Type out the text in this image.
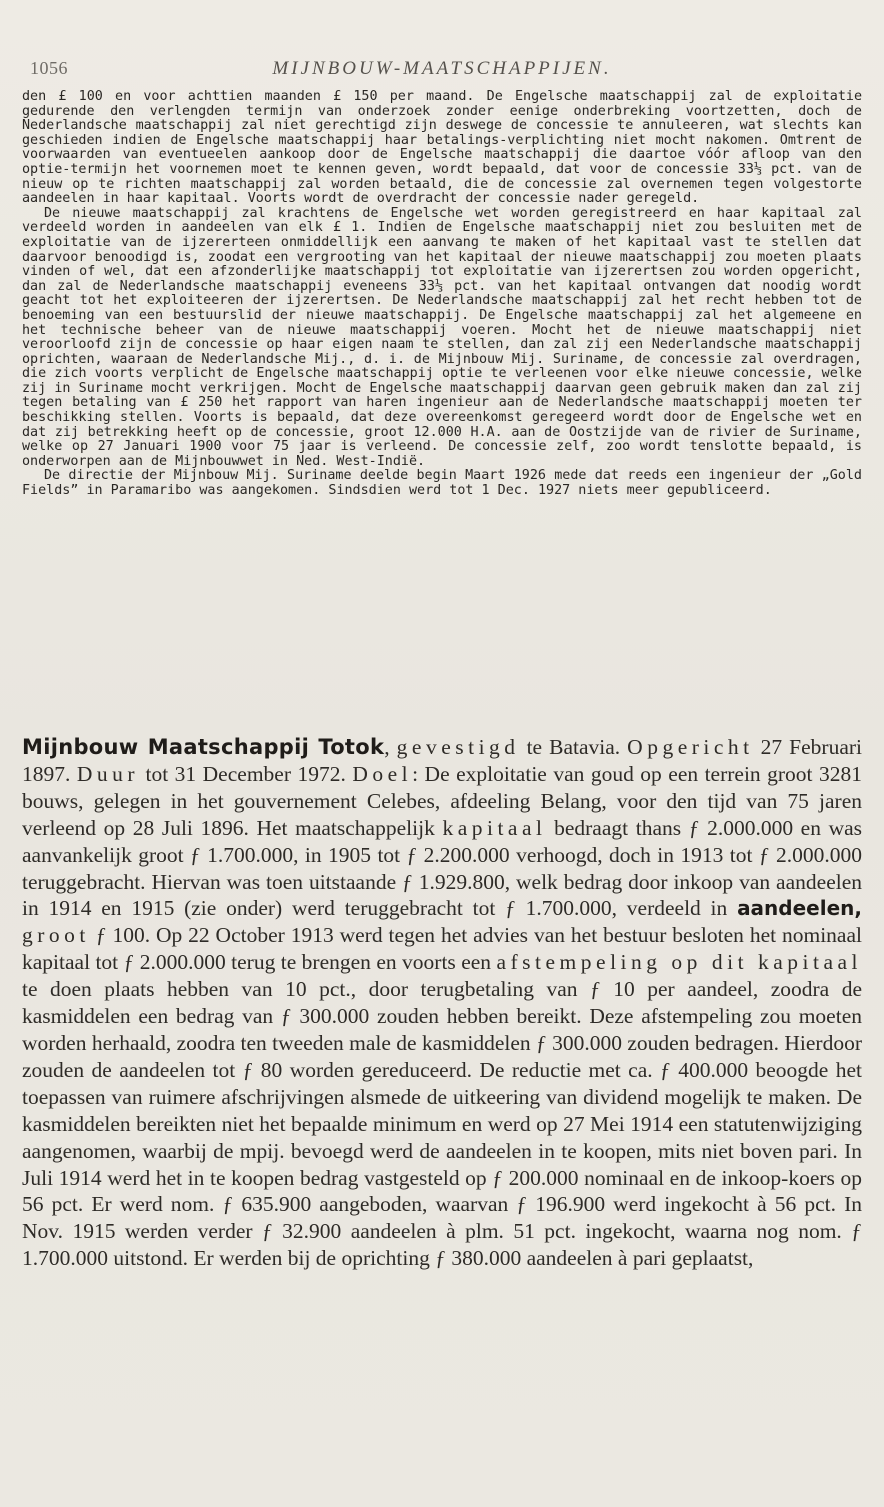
1056	MIJNBOUW-MAATSCHAPPIJEN.

den £ 100 en voor achttien maanden £ 150 per maand. De Engelsche maatschappij zal de exploitatie gedurende den verlengden termijn van onderzoek zonder eenige onderbreking voortzetten, doch de Nederlandsche maatschappij zal niet gerechtigd zijn deswege de concessie te annuleeren, wat slechts kan geschieden indien de Engelsche maatschappij haar betalings-verplichting niet mocht nakomen. Omtrent de voorwaarden van eventueelen aankoop door de Engelsche maatschappij die daartoe vóór afloop van den optie-termijn het voornemen moet te kennen geven, wordt bepaald, dat voor de concessie 33⅓ pct. van de nieuw op te richten maatschappij zal worden betaald, die de concessie zal overnemen tegen volgestorte aandeelen in haar kapitaal. Voorts wordt de overdracht der concessie nader geregeld.

De nieuwe maatschappij zal krachtens de Engelsche wet worden geregistreerd en haar kapitaal zal verdeeld worden in aandeelen van elk £ 1. Indien de Engelsche maatschappij niet zou besluiten met de exploitatie van de ijzererteen onmiddellijk een aanvang te maken of het kapitaal vast te stellen dat daarvoor benoodigd is, zoodat een vergrooting van het kapitaal der nieuwe maatschappij zou moeten plaats vinden of wel, dat een afzonderlijke maatschappij tot exploitatie van ijzerertsen zou worden opgericht, dan zal de Nederlandsche maatschappij eveneens 33⅓ pct. van het kapitaal ontvangen dat noodig wordt geacht tot het exploiteeren der ijzerertsen. De Nederlandsche maatschappij zal het recht hebben tot de benoeming van een bestuurslid der nieuwe maatschappij. De Engelsche maatschappij zal het algemeene en het technische beheer van de nieuwe maatschappij voeren. Mocht het de nieuwe maatschappij niet veroorloofd zijn de concessie op haar eigen naam te stellen, dan zal zij een Nederlandsche maatschappij oprichten, waaraan de Nederlandsche Mij., d. i. de Mijnbouw Mij. Suriname, de concessie zal overdragen, die zich voorts verplicht de Engelsche maatschappij optie te verleenen voor elke nieuwe concessie, welke zij in Suriname mocht verkrijgen. Mocht de Engelsche maatschappij daarvan geen gebruik maken dan zal zij tegen betaling van £ 250 het rapport van haren ingenieur aan de Nederlandsche maatschappij moeten ter beschikking stellen. Voorts is bepaald, dat deze overeenkomst geregeerd wordt door de Engelsche wet en dat zij betrekking heeft op de concessie, groot 12.000 H.A. aan de Oostzijde van de rivier de Suriname, welke op 27 Januari 1900 voor 75 jaar is verleend. De concessie zelf, zoo wordt tenslotte bepaald, is onderworpen aan de Mijnbouwwet in Ned. West-Indië.

De directie der Mijnbouw Mij. Suriname deelde begin Maart 1926 mede dat reeds een ingenieur der „Gold Fields” in Paramaribo was aangekomen. Sindsdien werd tot 1 Dec. 1927 niets meer gepubliceerd.

Mijnbouw Maatschappij Totok, gevestigd te Batavia. Opgericht 27 Februari 1897. Duur tot 31 December 1972. Doel: De exploitatie van goud op een terrein groot 3281 bouws, gelegen in het gouvernement Celebes, afdeeling Belang, voor den tijd van 75 jaren verleend op 28 Juli 1896. Het maatschappelijk kapitaal bedraagt thans ƒ 2.000.000 en was aanvankelijk groot ƒ 1.700.000, in 1905 tot ƒ 2.200.000 verhoogd, doch in 1913 tot ƒ 2.000.000 teruggebracht. Hiervan was toen uitstaande ƒ 1.929.800, welk bedrag door inkoop van aandeelen in 1914 en 1915 (zie onder) werd teruggebracht tot ƒ 1.700.000, verdeeld in aandeelen, groot ƒ 100. Op 22 October 1913 werd tegen het advies van het bestuur besloten het nominaal kapitaal tot ƒ 2.000.000 terug te brengen en voorts een afstempeling op dit kapitaal te doen plaats hebben van 10 pct., door terugbetaling van ƒ 10 per aandeel, zoodra de kasmiddelen een bedrag van ƒ 300.000 zouden hebben bereikt. Deze afstempeling zou moeten worden herhaald, zoodra ten tweeden male de kasmiddelen ƒ 300.000 zouden bedragen. Hierdoor zouden de aandeelen tot ƒ 80 worden gereduceerd. De reductie met ca. ƒ 400.000 beoogde het toepassen van ruimere afschrijvingen alsmede de uitkeering van dividend mogelijk te maken. De kasmiddelen bereikten niet het bepaalde minimum en werd op 27 Mei 1914 een statutenwijziging aangenomen, waarbij de mpij. bevoegd werd de aandeelen in te koopen, mits niet boven pari. In Juli 1914 werd het in te koopen bedrag vastgesteld op ƒ 200.000 nominaal en de inkoop-koers op 56 pct. Er werd nom. ƒ 635.900 aangeboden, waarvan ƒ 196.900 werd ingekocht à 56 pct. In Nov. 1915 werden verder ƒ 32.900 aandeelen à plm. 51 pct. ingekocht, waarna nog nom. ƒ 1.700.000 uitstond. Er werden bij de oprichting ƒ 380.000 aandeelen à pari geplaatst,
